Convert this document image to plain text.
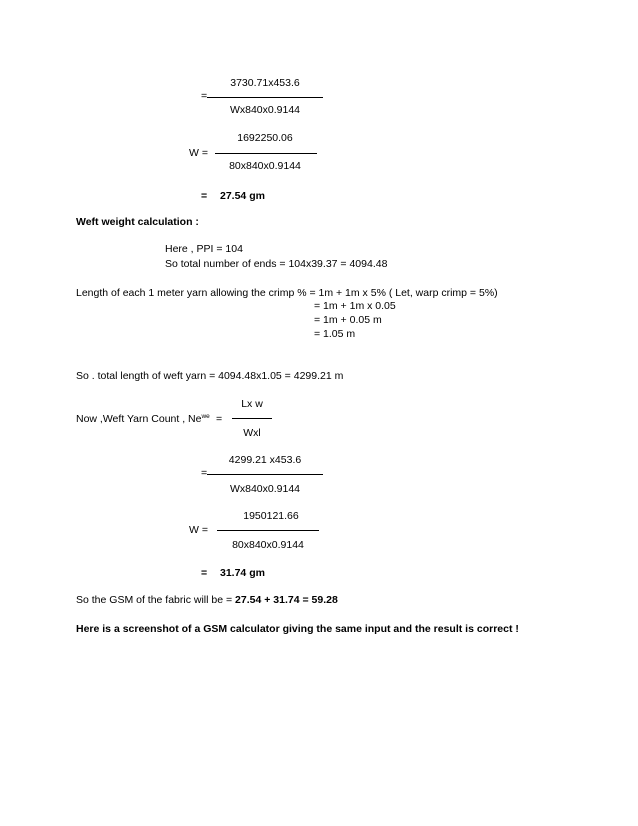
3730.71x453.6
=
Wx840x0.9144
1692250.06
W =
80x840x0.9144
= 27.54 gm
Weft weight calculation :
Here , PPI = 104
So total number of ends = 104x39.37 = 4094.48
Length of each 1 meter yarn allowing the crimp % = 1m + 1m x 5% ( Let, warp crimp = 5%)
= 1m + 1m x 0.05
= 1m + 0.05 m
= 1.05 m
So . total length of weft yarn = 4094.48x1.05 = 4299.21 m
Lx w
Now ,Weft Yarn Count , $Ne^{we}$ =
Wxl
4299.21 x453.6
=
Wx840x0.9144
1950121.66
W =
80x840x0.9144
= 31.74 gm
So the GSM of the fabric will be = 27.54 + 31.74 = 59.28
Here is a screenshot of a GSM calculator giving the same input and the result is correct !
